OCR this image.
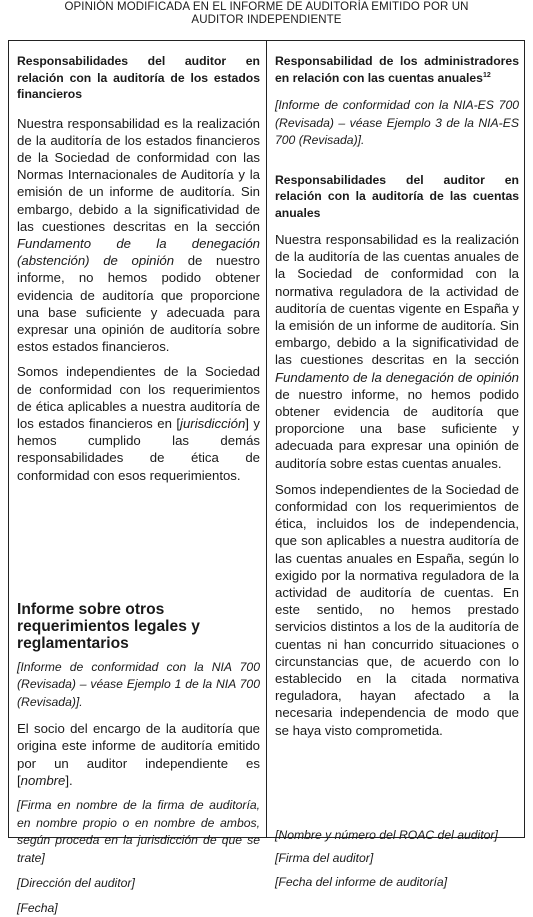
OPINIÓN MODIFICADA EN EL INFORME DE AUDITORÍA EMITIDO POR UN
AUDITOR INDEPENDIENTE

Responsabilidades del auditor en relación con la auditoría de los estados financieros

Nuestra responsabilidad es la realización de la auditoría de los estados financieros de la Sociedad de conformidad con las Normas Internacionales de Auditoría y la emisión de un informe de auditoría. Sin embargo, debido a la significatividad de las cuestiones descritas en la sección Fundamento de la denegación (abstención) de opinión de nuestro informe, no hemos podido obtener evidencia de auditoría que proporcione una base suficiente y adecuada para expresar una opinión de auditoría sobre estos estados financieros.

Somos independientes de la Sociedad de conformidad con los requerimientos de ética aplicables a nuestra auditoría de los estados financieros en [jurisdicción] y hemos cumplido las demás responsabilidades de ética de conformidad con esos requerimientos.

Informe sobre otros requerimientos legales y reglamentarios

[Informe de conformidad con la NIA 700 (Revisada) – véase Ejemplo 1 de la NIA 700 (Revisada)].

El socio del encargo de la auditoría que origina este informe de auditoría emitido por un auditor independiente es [nombre].

[Firma en nombre de la firma de auditoría, en nombre propio o en nombre de ambos, según proceda en la jurisdicción de que se trate]

[Dirección del auditor]

[Fecha]

Responsabilidad de los administradores en relación con las cuentas anuales$^{12}$

[Informe de conformidad con la NIA-ES 700 (Revisada) – véase Ejemplo 3 de la NIA-ES 700 (Revisada)].

Responsabilidades del auditor en relación con la auditoría de las cuentas anuales

Nuestra responsabilidad es la realización de la auditoría de las cuentas anuales de la Sociedad de conformidad con la normativa reguladora de la actividad de auditoría de cuentas vigente en España y la emisión de un informe de auditoría. Sin embargo, debido a la significatividad de las cuestiones descritas en la sección Fundamento de la denegación de opinión de nuestro informe, no hemos podido obtener evidencia de auditoría que proporcione una base suficiente y adecuada para expresar una opinión de auditoría sobre estas cuentas anuales.

Somos independientes de la Sociedad de conformidad con los requerimientos de ética, incluidos los de independencia, que son aplicables a nuestra auditoría de las cuentas anuales en España, según lo exigido por la normativa reguladora de la actividad de auditoría de cuentas. En este sentido, no hemos prestado servicios distintos a los de la auditoría de cuentas ni han concurrido situaciones o circunstancias que, de acuerdo con lo establecido en la citada normativa reguladora, hayan afectado a la necesaria independencia de modo que se haya visto comprometida.

[Nombre y número del ROAC del auditor]

[Firma del auditor]

[Fecha del informe de auditoría]
